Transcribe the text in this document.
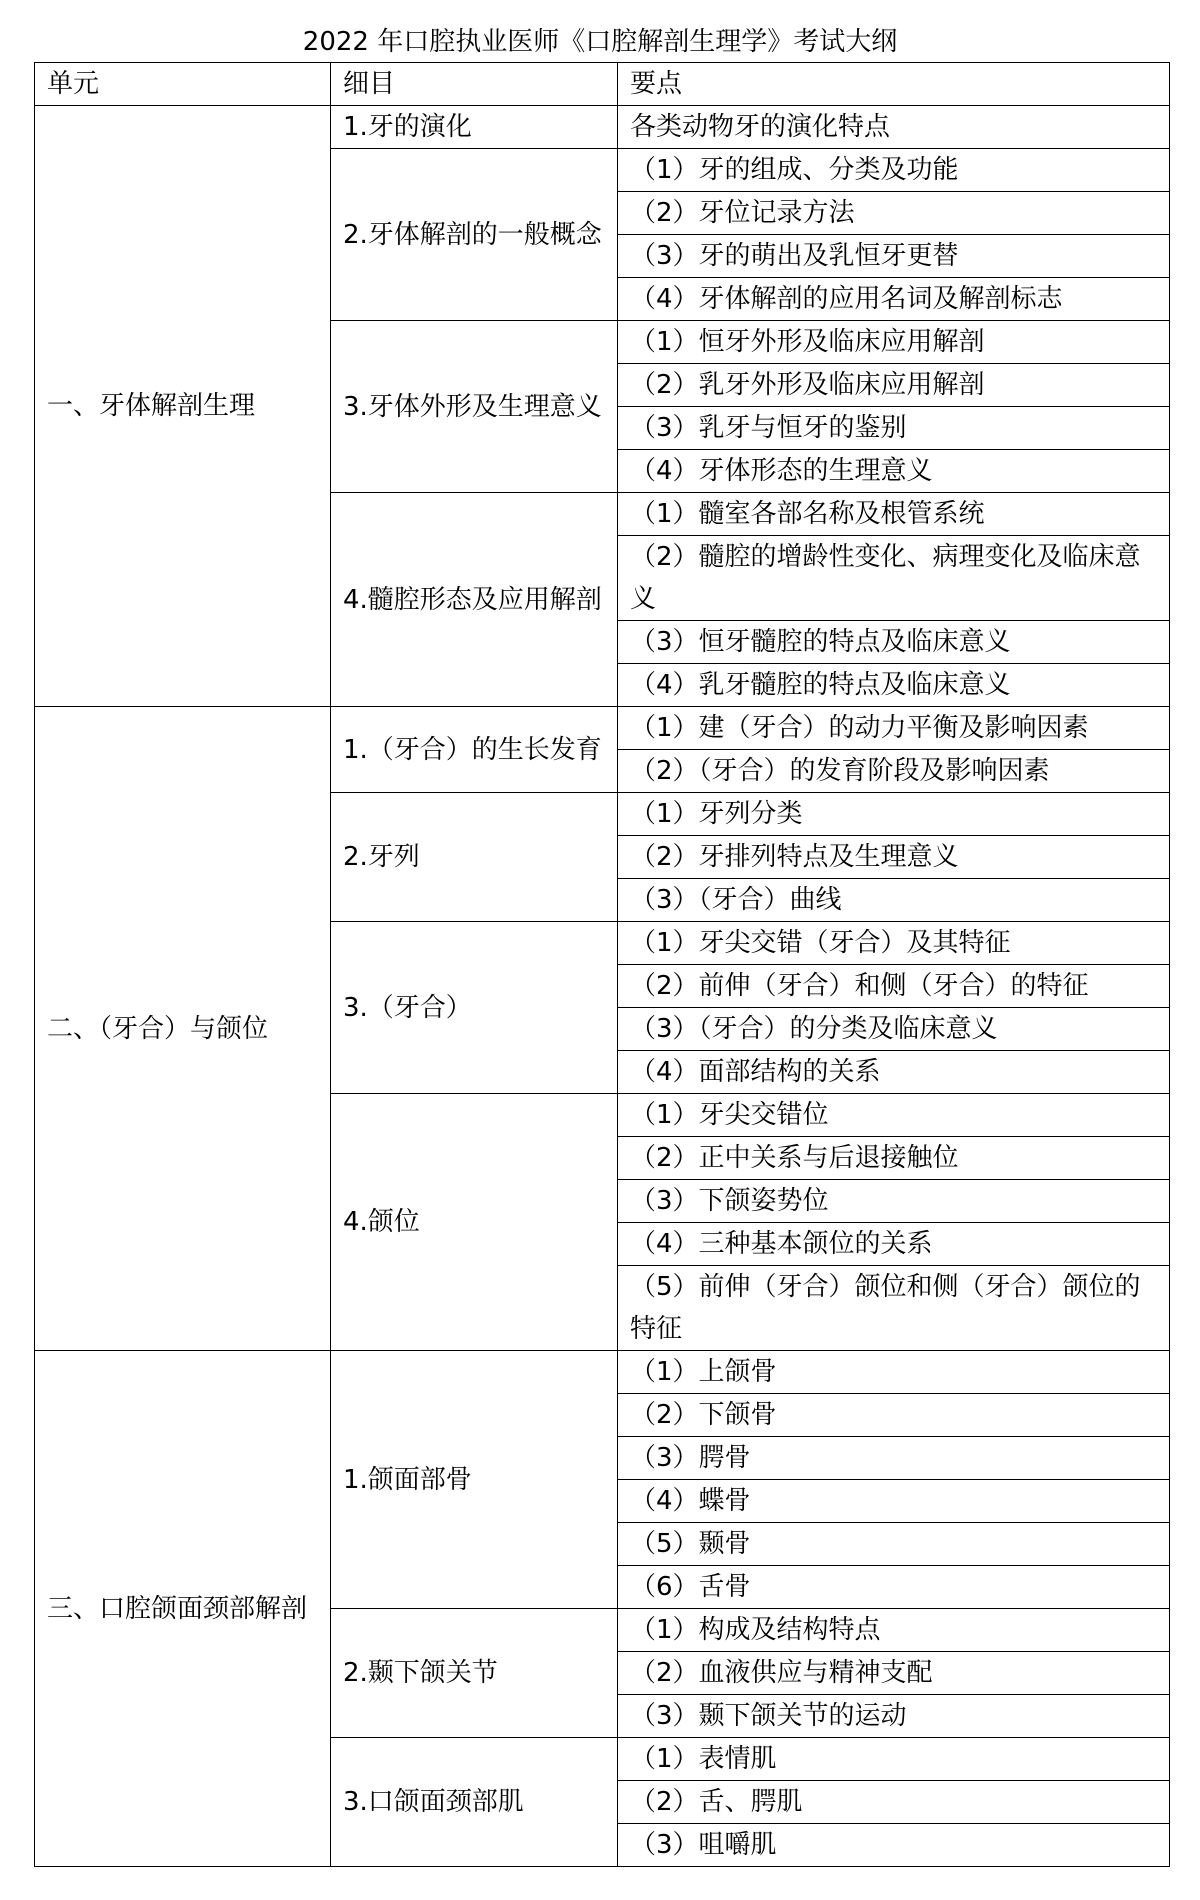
2022 年口腔执业医师《口腔解剖生理学》考试大纲
单元	细目	要点
一、牙体解剖生理	1.牙的演化	各类动物牙的演化特点
	2.牙体解剖的一般概念	（1）牙的组成、分类及功能
		（2）牙位记录方法
		（3）牙的萌出及乳恒牙更替
		（4）牙体解剖的应用名词及解剖标志
	3.牙体外形及生理意义	（1）恒牙外形及临床应用解剖
		（2）乳牙外形及临床应用解剖
		（3）乳牙与恒牙的鉴别
		（4）牙体形态的生理意义
	4.髓腔形态及应用解剖	（1）髓室各部名称及根管系统
		（2）髓腔的增龄性变化、病理变化及临床意义
		（3）恒牙髓腔的特点及临床意义
		（4）乳牙髓腔的特点及临床意义
二、（牙合）与颌位	1.（牙合）的生长发育	（1）建（牙合）的动力平衡及影响因素
		（2）（牙合）的发育阶段及影响因素
	2.牙列	（1）牙列分类
		（2）牙排列特点及生理意义
		（3）（牙合）曲线
	3.（牙合）	（1）牙尖交错（牙合）及其特征
		（2）前伸（牙合）和侧（牙合）的特征
		（3）（牙合）的分类及临床意义
		（4）面部结构的关系
	4.颌位	（1）牙尖交错位
		（2）正中关系与后退接触位
		（3）下颌姿势位
		（4）三种基本颌位的关系
		（5）前伸（牙合）颌位和侧（牙合）颌位的特征
三、口腔颌面颈部解剖	1.颌面部骨	（1）上颌骨
		（2）下颌骨
		（3）腭骨
		（4）蝶骨
		（5）颞骨
		（6）舌骨
	2.颞下颌关节	（1）构成及结构特点
		（2）血液供应与精神支配
		（3）颞下颌关节的运动
	3.口颌面颈部肌	（1）表情肌
		（2）舌、腭肌
		（3）咀嚼肌
